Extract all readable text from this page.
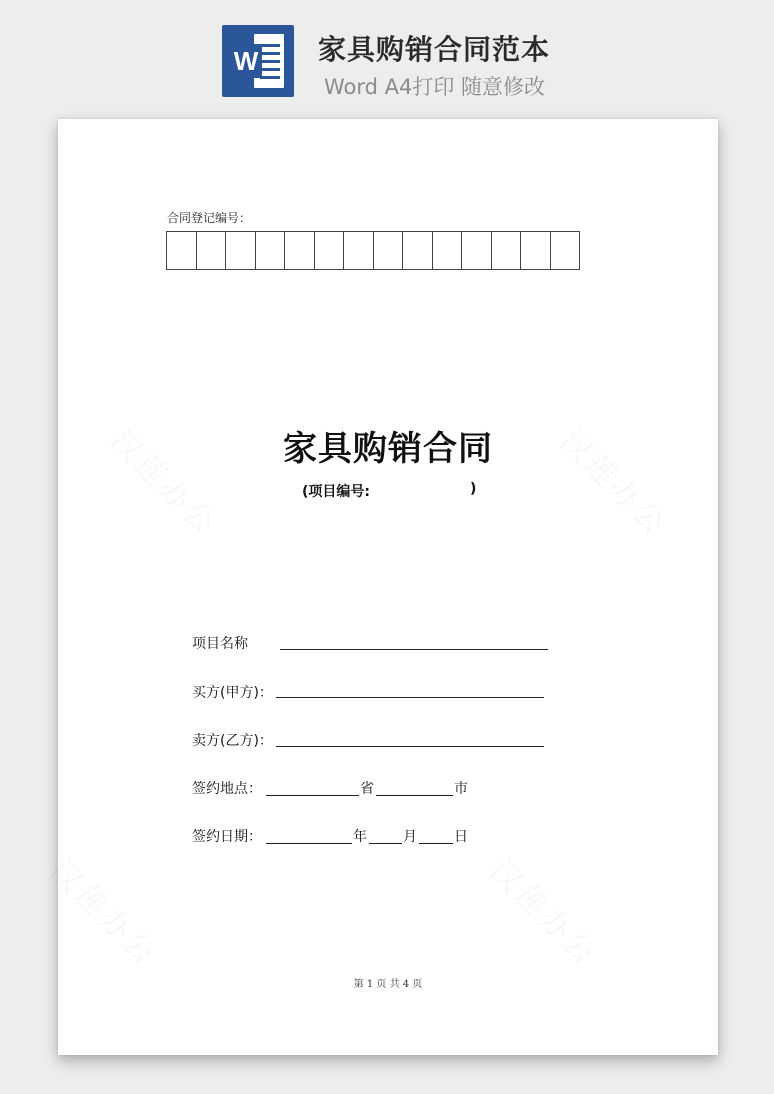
W 家具购销合同范本
Word A4打印 随意修改
合同登记编号：
家具购销合同
(项目编号:	)
项目名称
买方(甲方)：
卖方(乙方)：
签约地点：	省	市
签约日期：	年	月	日
第 1 页 共 4 页
